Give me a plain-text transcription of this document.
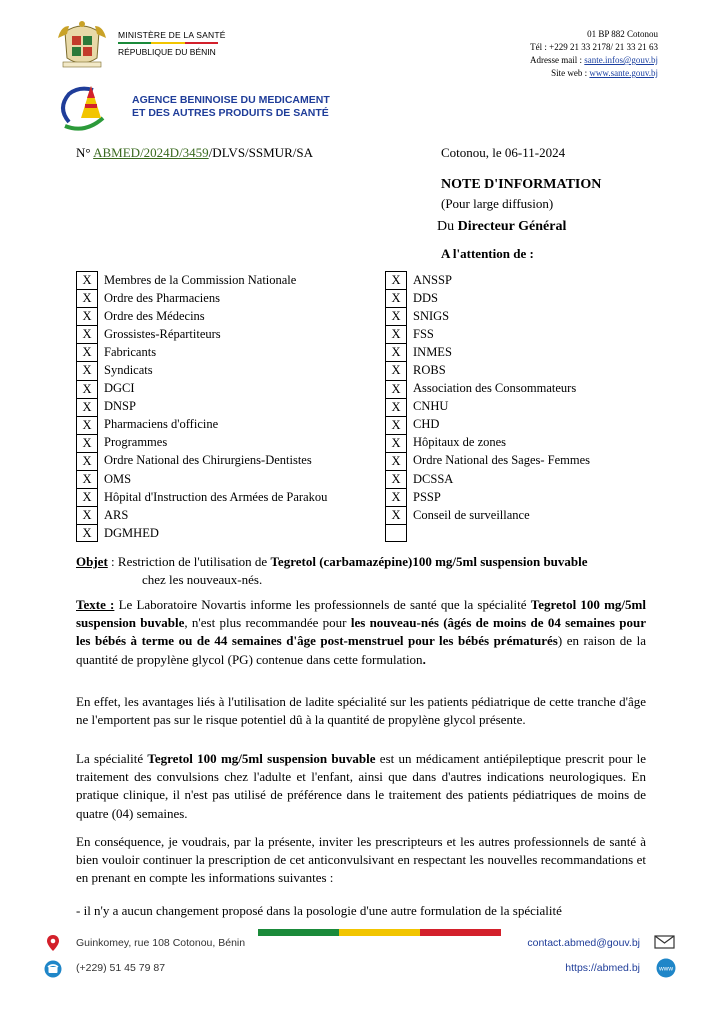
MINISTÈRE DE LA SANTÉ
RÉPUBLIQUE DU BÉNIN
01 BP 882 Cotonou
Tél : +229 21 33 2178/ 21 33 21 63
Adresse mail : sante.infos@gouv.bj
Site web : www.sante.gouv.bj
AGENCE BENINOISE DU MEDICAMENT
ET DES AUTRES PRODUITS DE SANTÉ
N° ABMED/2024D/3459/DLVS/SSMUR/SA	Cotonou, le 06-11-2024
NOTE D'INFORMATION
(Pour large diffusion)
Du Directeur Général
A l'attention de :
X Membres de la Commission Nationale
X Ordre des Pharmaciens
X Ordre des Médecins
X Grossistes-Répartiteurs
X Fabricants
X Syndicats
X DGCI
X DNSP
X Pharmaciens d'officine
X Programmes
X Ordre National des Chirurgiens-Dentistes
X OMS
X Hôpital d'Instruction des Armées de Parakou
X ARS
X DGMHED
X ANSSP
X DDS
X SNIGS
X FSS
X INMES
X ROBS
X Association des Consommateurs
X CNHU
X CHD
X Hôpitaux de zones
X Ordre National des Sages- Femmes
X DCSSA
X PSSP
X Conseil de surveillance
Objet : Restriction de l'utilisation de Tegretol (carbamazépine)100 mg/5ml suspension buvable
chez les nouveaux-nés.
Texte : Le Laboratoire Novartis informe les professionnels de santé que la spécialité Tegretol 100 mg/5ml suspension buvable, n'est plus recommandée pour les nouveau-nés (âgés de moins de 04 semaines pour les bébés à terme ou de 44 semaines d'âge post-menstruel pour les bébés prématurés) en raison de la quantité de propylène glycol (PG) contenue dans cette formulation.
En effet, les avantages liés à l'utilisation de ladite spécialité sur les patients pédiatrique de cette tranche d'âge ne l'emportent pas sur le risque potentiel dû à la quantité de propylène glycol présente.
La spécialité Tegretol 100 mg/5ml suspension buvable est un médicament antiépileptique prescrit pour le traitement des convulsions chez l'adulte et l'enfant, ainsi que dans d'autres indications neurologiques. En pratique clinique, il n'est pas utilisé de préférence dans le traitement des patients pédiatriques de moins de quatre (04) semaines.
En conséquence, je voudrais, par la présente, inviter les prescripteurs et les autres professionnels de santé à bien vouloir continuer la prescription de cet anticonvulsivant en respectant les nouvelles recommandations et en prenant en compte les informations suivantes :
- il n'y a aucun changement proposé dans la posologie d'une autre formulation de la spécialité
Guinkomey, rue 108 Cotonou, Bénin	contact.abmed@gouv.bj
(+229) 51 45 79 87	https://abmed.bj	www
